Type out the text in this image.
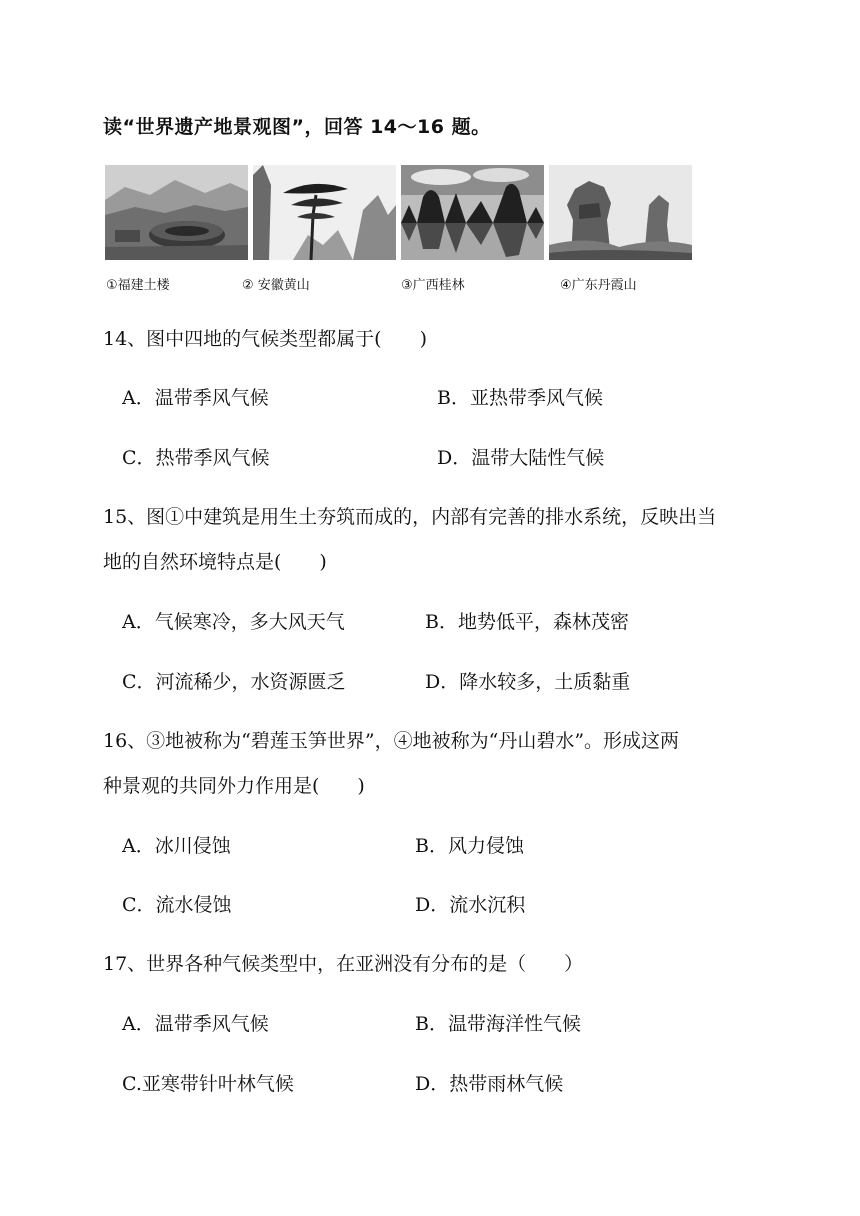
读“世界遗产地景观图”，回答 14～16 题。
①福建土楼	② 安徽黄山	③广西桂林	④广东丹霞山
14、图中四地的气候类型都属于(　　)
A．温带季风气候	B．亚热带季风气候
C．热带季风气候	D．温带大陆性气候
15、图①中建筑是用生土夯筑而成的，内部有完善的排水系统，反映出当
地的自然环境特点是(　　)
A．气候寒冷，多大风天气	B．地势低平，森林茂密
C．河流稀少，水资源匮乏	D．降水较多，土质黏重
16、③地被称为“碧莲玉笋世界”，④地被称为“丹山碧水”。形成这两
种景观的共同外力作用是(　　)
A．冰川侵蚀	B．风力侵蚀
C．流水侵蚀	D．流水沉积
17、世界各种气候类型中，在亚洲没有分布的是（　　）
A．温带季风气候	B．温带海洋性气候
C.亚寒带针叶林气候	D．热带雨林气候
